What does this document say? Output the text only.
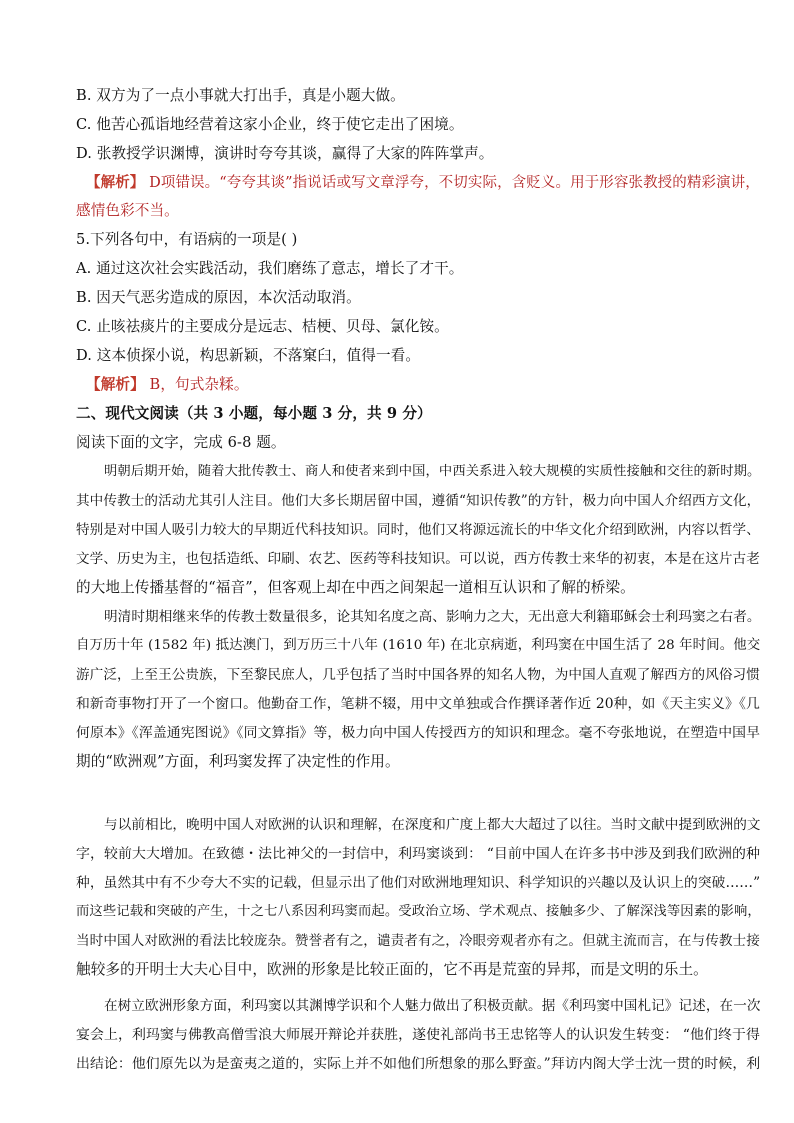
B. 双方为了一点小事就大打出手，真是小题大做。
C. 他苦心孤诣地经营着这家小企业，终于使它走出了困境。
D. 张教授学识渊博，演讲时夸夸其谈，赢得了大家的阵阵掌声。
【解析】 D项错误。“夸夸其谈”指说话或写文章浮夸，不切实际，含贬义。用于形容张教授的精彩演讲，
感情色彩不当。
5.下列各句中，有语病的一项是( )
A. 通过这次社会实践活动，我们磨练了意志，增长了才干。
B. 因天气恶劣造成的原因，本次活动取消。
C. 止咳祛痰片的主要成分是远志、桔梗、贝母、氯化铵。
D. 这本侦探小说，构思新颖，不落窠臼，值得一看。
【解析】 B，句式杂糅。
二、现代文阅读（共 3 小题，每小题 3 分，共 9 分）
阅读下面的文字，完成 6-8 题。
明朝后期开始，随着大批传教士、商人和使者来到中国，中西关系进入较大规模的实质性接触和交往的新时期。
其中传教士的活动尤其引人注目。他们大多长期居留中国，遵循“知识传教”的方针，极力向中国人介绍西方文化，
特别是对中国人吸引力较大的早期近代科技知识。同时，他们又将源远流长的中华文化介绍到欧洲，内容以哲学、
文学、历史为主，也包括造纸、印刷、农艺、医药等科技知识。可以说，西方传教士来华的初衷，本是在这片古老
的大地上传播基督的“福音”，但客观上却在中西之间架起一道相互认识和了解的桥梁。
明清时期相继来华的传教士数量很多，论其知名度之高、影响力之大，无出意大利籍耶稣会士利玛窦之右者。
自万历十年 (1582 年) 抵达澳门，到万历三十八年 (1610 年) 在北京病逝，利玛窦在中国生活了 28 年时间。他交
游广泛，上至王公贵族，下至黎民庶人，几乎包括了当时中国各界的知名人物，为中国人直观了解西方的风俗习惯
和新奇事物打开了一个窗口。他勤奋工作，笔耕不辍，用中文单独或合作撰译著作近 20种，如《天主实义》《几
何原本》《浑盖通宪图说》《同文算指》等，极力向中国人传授西方的知识和理念。毫不夸张地说，在塑造中国早
期的“欧洲观”方面，利玛窦发挥了决定性的作用。
与以前相比，晚明中国人对欧洲的认识和理解，在深度和广度上都大大超过了以往。当时文献中提到欧洲的文
字，较前大大增加。在致德・法比神父的一封信中，利玛窦谈到： “目前中国人在许多书中涉及到我们欧洲的种
种，虽然其中有不少夸大不实的记载，但显示出了他们对欧洲地理知识、科学知识的兴趣以及认识上的突破……”
而这些记载和突破的产生，十之七八系因利玛窦而起。受政治立场、学术观点、接触多少、了解深浅等因素的影响，
当时中国人对欧洲的看法比较庞杂。赞誉者有之，谴责者有之，冷眼旁观者亦有之。但就主流而言，在与传教士接
触较多的开明士大夫心目中，欧洲的形象是比较正面的，它不再是荒蛮的异邦，而是文明的乐土。
在树立欧洲形象方面，利玛窦以其渊博学识和个人魅力做出了积极贡献。据《利玛窦中国札记》记述，在一次
宴会上，利玛窦与佛教高僧雪浪大师展开辩论并获胜，遂使礼部尚书王忠铭等人的认识发生转变： “他们终于得
出结论：他们原先以为是蛮夷之道的，实际上并不如他们所想象的那么野蛮。”拜访内阁大学士沈一贯的时候，利
